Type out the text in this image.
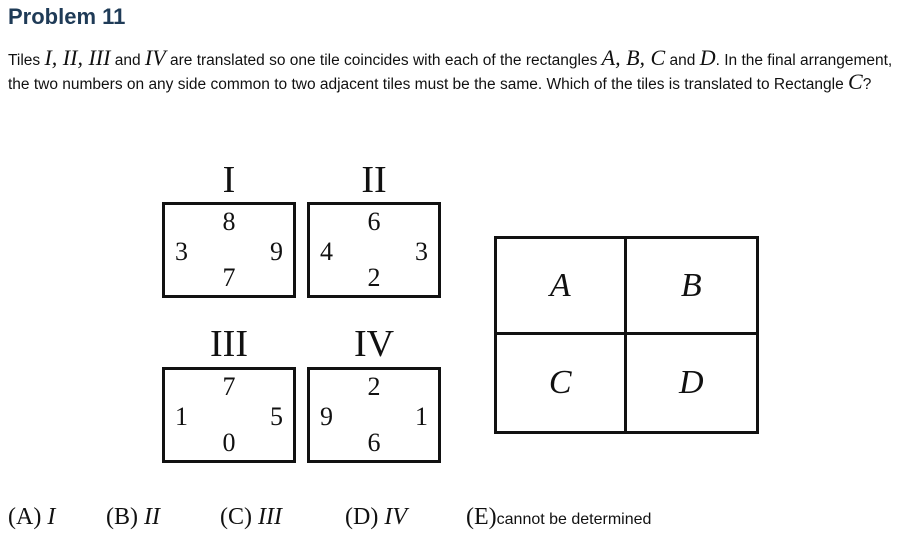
Problem 11
Tiles I, II, III and IV are translated so one tile coincides with each of the rectangles A, B, C and D. In the final arrangement, the two numbers on any side common to two adjacent tiles must be the same. Which of the tiles is translated to Rectangle C?
I
8
3	9
7
II
6
4	3
2
III
7
1	5
0
IV
2
9	1
6
A	B
C	D
(A) I (B) II	(C) III	(D) IV (E)cannot be determined
